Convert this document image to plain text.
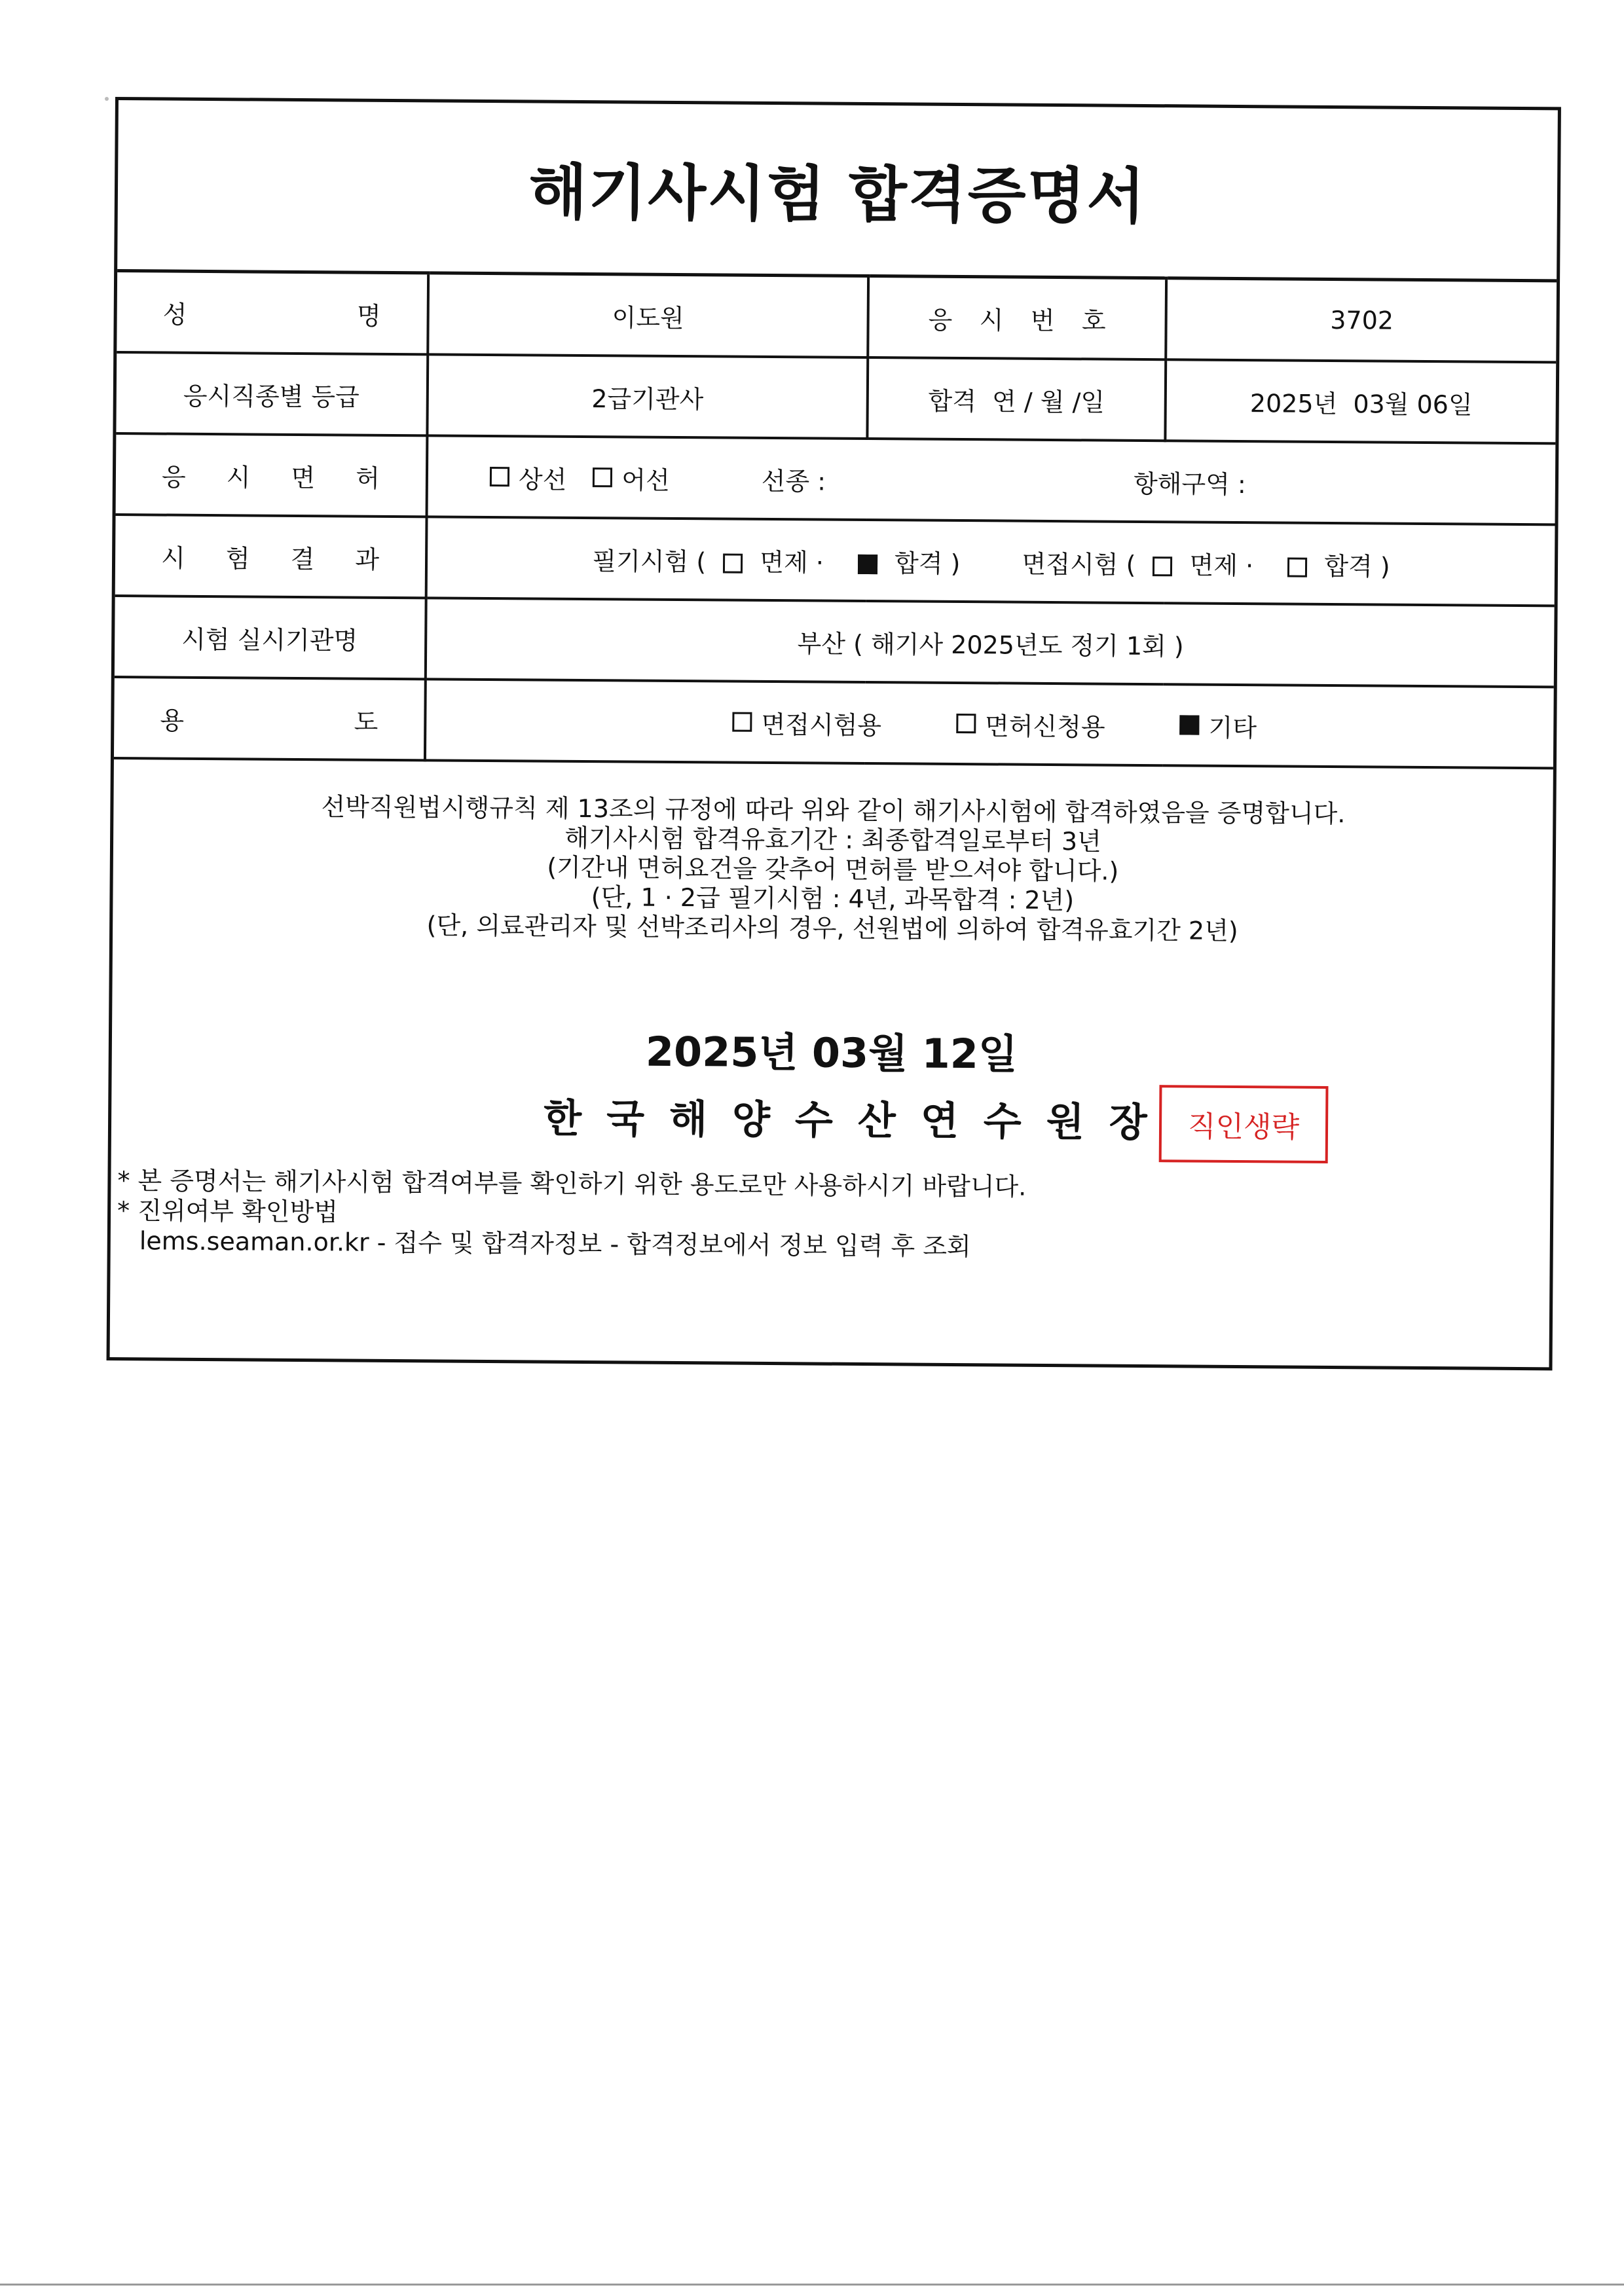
해기사시험 합격증명서
성 명	이도원	응 시 번 호	3702
응시직종별 등급	2급기관사	합격  연 / 월 /일	2025년  03월 06일

응 시 면 허	상선 어선 선종 : 항해구역 :		

시 험 결 과	필기시험 ( 면제 · 합격 ) 면접시험 ( 면제 · 합격 )		
시험 실시기관명	부산 ( 해기사 2025년도 정기 1회 )		

용 도	면접시험용 면허신청용 기타		
선박직원법시행규칙 제 13조의 규정에 따라 위와 같이 해기사시험에 합격하였음을 증명합니다.
해기사시험 합격유효기간 : 최종합격일로부터 3년
(기간내 면허요건을 갖추어 면허를 받으셔야 합니다.)
(단, 1 · 2급 필기시험 : 4년, 과목합격 : 2년)
(단, 의료관리자 및 선박조리사의 경우, 선원법에 의하여 합격유효기간 2년)
2025년 03월 12일
한국해양수산연수원장 직인생략
* 본 증명서는 해기사시험 합격여부를 확인하기 위한 용도로만 사용하시기 바랍니다.
* 진위여부 확인방법
lems.seaman.or.kr - 접수 및 합격자정보 - 합격정보에서 정보 입력 후 조회
